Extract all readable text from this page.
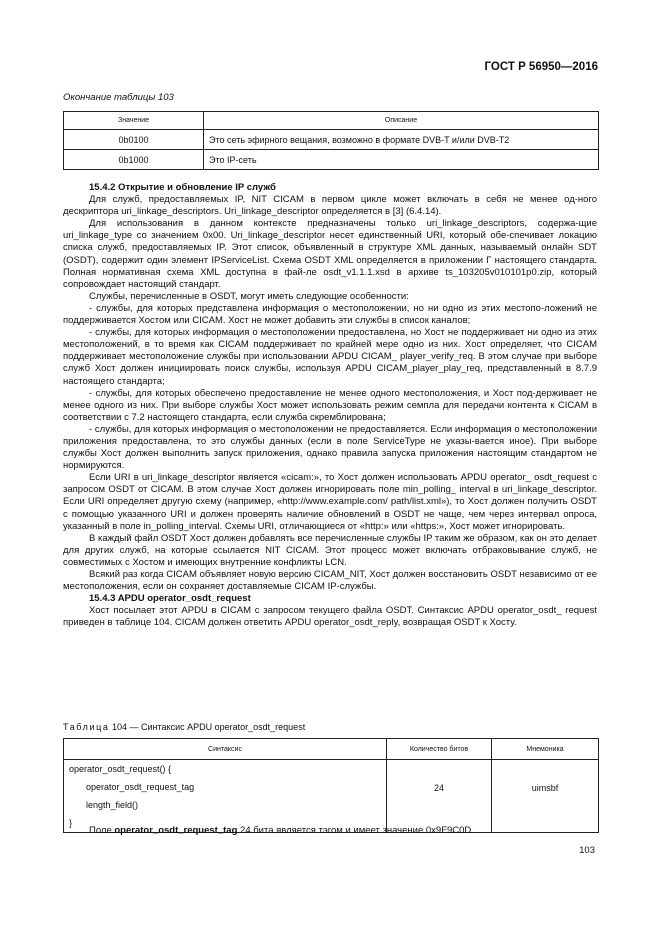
ГОСТ Р 56950—2016
Окончание таблицы 103
Значение	Описание
0b0100	Это сеть эфирного вещания, возможно в формате DVB-T и/или DVB-T2
0b1000	Это IP-сеть
15.4.2 Открытие и обновление IP служб

Для служб, предоставляемых IP, NIT CICAM в первом цикле может включать в себя не менее од-ного дескриптора uri_linkage_descriptors. Uri_linkage_descriptor определяется в [3] (6.4.14).

Для использования в данном контексте предназначены только uri_linkage_descriptors, содержа-щие uri_linkage_type со значением 0x00. Uri_linkage_descriptor несет единственный URI, который обе-спечивает локацию списка служб, предоставляемых IP. Этот список, объявленный в структуре XML данных, называемый онлайн SDT (OSDT), содержит один элемент IPServiceList. Схема OSDT XML определяется в приложении Г настоящего стандарта. Полная нормативная схема XML доступна в фай-ле osdt_v1.1.1.xsd в архиве ts_103205v010101p0.zip, который сопровождает настоящий стандарт.

Службы, перечисленные в OSDT, могут иметь следующие особенности:

- службы, для которых представлена информация о местоположении, но ни одно из этих местопо-ложений не поддерживается Хостом или CICAM. Хост не может добавить эти службы в список каналов;

- службы, для которых информация о местоположении предоставлена, но Хост не поддерживает ни одно из этих местоположений, в то время как CICAM поддерживает по крайней мере одно из них. Хост определяет, что CICAM поддерживает местоположение службы при использовании APDU CICAM_ player_verify_req. В этом случае при выборе служб Хост должен инициировать поиск службы, используя APDU CICAM_player_play_req, представленный в 8.7.9 настоящего стандарта;

- службы, для которых обеспечено предоставление не менее одного местоположения, и Хост под-держивает не менее одного из них. При выборе службы Хост может использовать режим семпла для передачи контента к CICAM в соответствии с 7.2 настоящего стандарта, если служба скремблирована;

- службы, для которых информация о местоположении не предоставляется. Если информация о местоположении приложения предоставлена, то это службы данных (если в поле ServiceType не указы-вается иное). При выборе службы Хост должен выполнить запуск приложения, однако правила запуска приложения настоящим стандартом не нормируются.

Если URI в uri_linkage_descriptor является «cicam:», то Хост должен использовать APDU operator_ osdt_request с запросом OSDT от CICAM. В этом случае Хост должен игнорировать поле min_polling_ interval в uri_linkage_descriptor. Если URI определяет другую схему (например, «http://www.example.com/ path/list.xml»), то Хост должен получить OSDT с помощью указанного URI и должен проверять наличие обновлений в OSDT не чаще, чем через интервал опроса, указанный в поле in_polling_interval. Схемы URI, отличающиеся от «http:» или «https:», Хост может игнорировать.

В каждый файл OSDT Хост должен добавлять все перечисленные службы IP таким же образом, как он это делает для других служб, на которые ссылается NIT CICAM. Этот процесс может включать отбраковывание служб, не совместимых с Хостом и имеющих внутренние конфликты LCN.

Всякий раз когда CICAM объявляет новую версию CICAM_NIT, Хост должен восстановить OSDT независимо от ее местоположения, если он сохраняет доставляемые CICAM IP-службы.

15.4.3 APDU operator_osdt_request

Хост посылает этот APDU в CICAM с запросом текущего файла OSDT. Синтаксис APDU operator_osdt_ request приведен в таблице 104. CICAM должен ответить APDU operator_osdt_reply, возвращая OSDT к Хосту.

Таблица 104 — Синтаксис APDU operator_osdt_request
Синтаксис	Количество битов	Мнемоника

operator_osdt_request() {
operator_osdt_request_tag
length_field()
}	24	uimsbf
Поле operator_osdt_request_tag 24 бита является тэгом и имеет значение 0x9F9C0D.
103
